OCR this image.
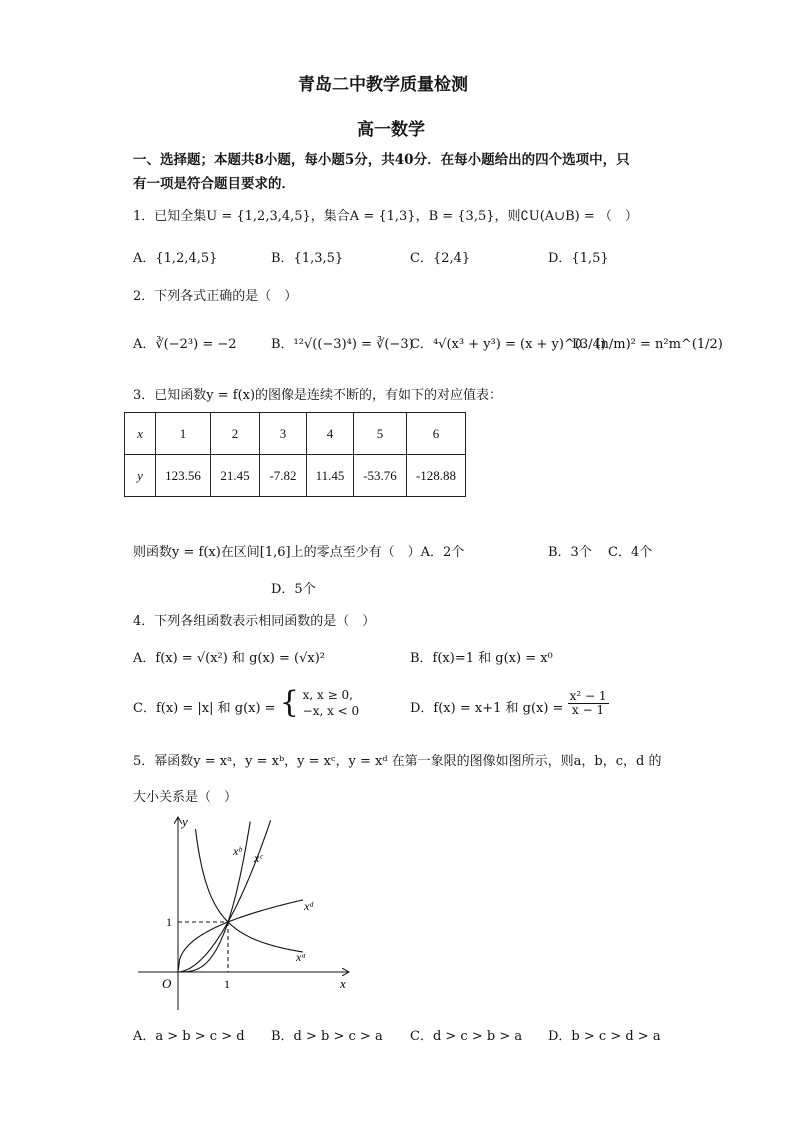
青岛二中教学质量检测
高一数学
一、选择题；本题共8小题，每小题5分，共40分．在每小题给出的四个选项中，只
有一项是符合题目要求的．
1．已知全集U = {1,2,3,4,5}，集合A = {1,3}，B = {3,5}，则∁U(A∪B) = （　）
A．{1,2,4,5}	B．{1,3,5}	C．{2,4}	D．{1,5}
2．下列各式正确的是（　）
A．∛(−2³) = −2	B．¹²√((−3)⁴) = ∛(−3)
C．⁴√(x³ + y³) = (x + y)^(3/4)
D．(n/m)² = n²m^(1/2)
3．已知函数y = f(x)的图像是连续不断的，有如下的对应值表：
x	1	2	3	4	5	6
y	123.56	21.45	-7.82	11.45	-53.76	-128.88
则函数y = f(x)在区间[1,6]上的零点至少有（　）A．2个	B．3个 C．4个
D．5个
4．下列各组函数表示相同函数的是（　）
A．f(x) = √(x²) 和 g(x) = (√x)²	B．f(x)=1 和 g(x) = x⁰
C．f(x) = |x| 和 g(x) = { x, x ≥ 0,
−x, x < 0	D．f(x) = x+1 和 $g(x) = \frac{\text{x² − 1}}{x - 1}$
5．幂函数y = xᵃ，y = xᵇ，y = xᶜ，y = xᵈ 在第一象限的图像如图所示，则a，b，c，d 的
大小关系是（　）
y
x
O	1
1
xᵇ xᶜ
xᵈ
xᵃ
A．a > b > c > d B．d > b > c > a C．d > c > b > a D．b > c > d > a
